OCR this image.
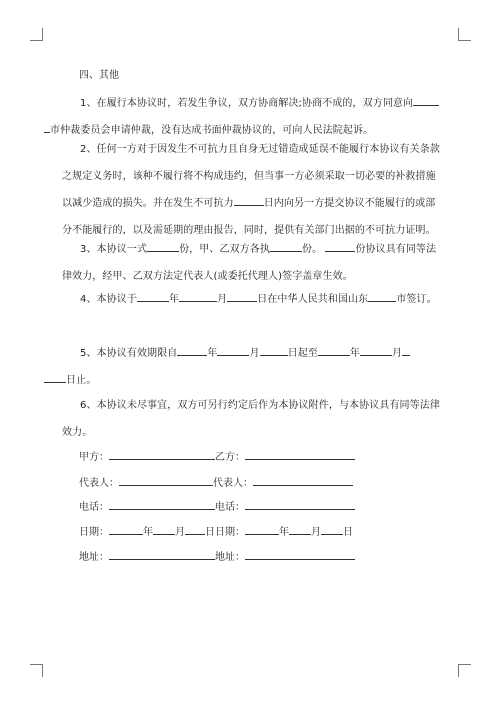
四、其他
1、在履行本协议时，若发生争议，双方协商解决;协商不成的，双方同意向
市仲裁委员会申请仲裁，没有达成书面仲裁协议的，可向人民法院起诉。
2、任何一方对于因发生不可抗力且自身无过错造成延误不能履行本协议有关条款之规定义务时，该种不履行将不构成违约，但当事一方必须采取一切必要的补救措施以减少造成的损失。并在发生不可抗力	日内向另一方提交协议不能履行的或部分不能履行的，以及需延期的理由报告，同时，提供有关部门出据的不可抗力证明。
3、本协议一式	份，甲、乙双方各执	份。	份协议具有同等法律效力，经甲、乙双方法定代表人(或委托代理人)签字盖章生效。
4、本协议于	年	月	日在中华人民共和国山东	市签订。
5、本协议有效期限自	年	月	日起至	年	月
日止。
6、本协议未尽事宜，双方可另行约定后作为本协议附件，与本协议具有同等法律效力。
甲方：	乙方：
代表人：	代表人：
电话：	电话：
日期：	年 月 日日期：	年 月 日
地址：	地址：
